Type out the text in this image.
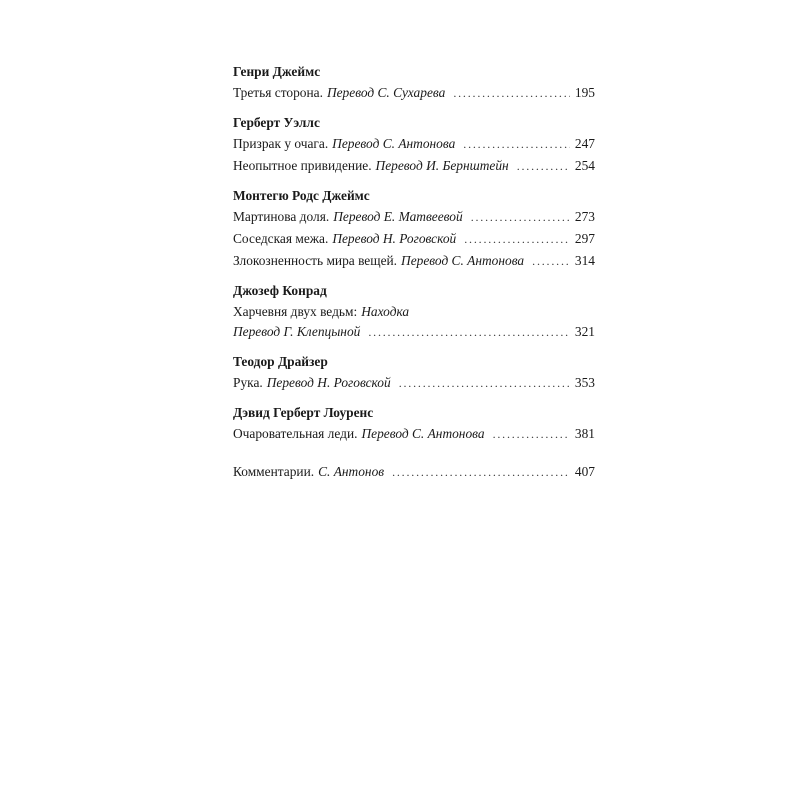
Генри Джеймс
Третья сторона. Перевод С. Сухарева . . .	195
Герберт Уэллс
Призрак у очага. Перевод С. Антонова . . .	247
Неопытное привидение. Перевод И. Бернштейн . . .	254
Монтегю Родс Джеймс
Мартинова доля. Перевод Е. Матвеевой . . .	273
Соседская межа. Перевод Н. Роговской . . .	297
Злокозненность мира вещей. Перевод С. Антонова . . .	314
Джозеф Конрад
Харчевня двух ведьм: Находка
Перевод Г. Клепцыной . . .	321
Теодор Драйзер
Рука. Перевод Н. Роговской . . .	353
Дэвид Герберт Лоуренс
Очаровательная леди. Перевод С. Антонова . . .	381
Комментарии. С. Антонов . . .	407
